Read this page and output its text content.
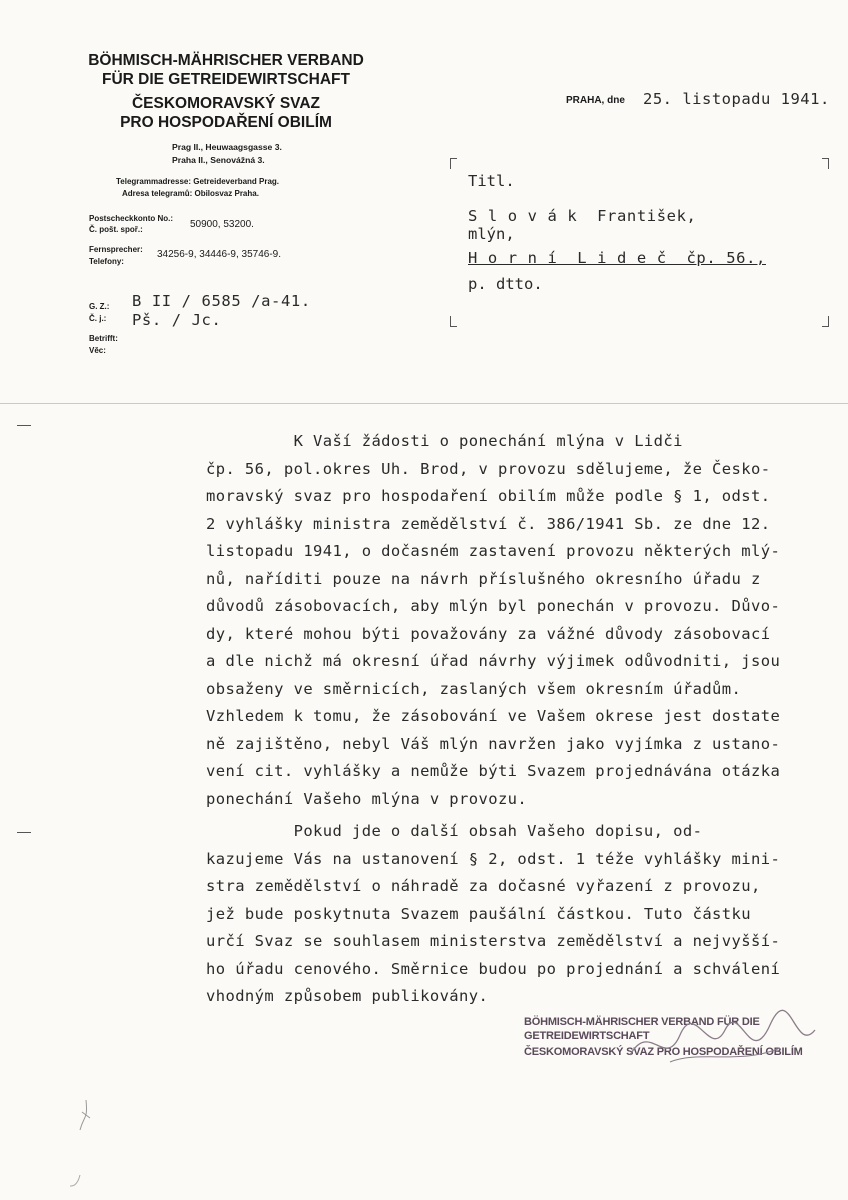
BÖHMISCH-MÄHRISCHER VERBAND
FÜR DIE GETREIDEWIRTSCHAFT
ČESKOMORAVSKÝ SVAZ
PRO HOSPODAŘENÍ OBILÍM
Prag II., Heuwaagsgasse 3.
Praha II., Senovážná 3.
Telegrammadresse: Getreideverband Prag.
Adresa telegramů: Obilosvaz Praha.
Postscheckkonto No.:
Č. pošt. spoř.:	50900, 53200.
Fernsprecher:
Telefony:
34256-9, 34446-9, 35746-9.
G. Z.:
Č. j.:
Betrifft:
Věc:
B II / 6585 /a-41.
Pš. / Jc.
PRAHA, dne 25. listopadu 1941.
Titl.
S l o v á k  František,
mlýn,
H o r n í  L i d e č  čp. 56.,
p. dtto.
K Vaší žádosti o ponechání mlýna v Lidči
čp. 56, pol.okres Uh. Brod, v provozu sdělujeme, že Česko-
moravský svaz pro hospodaření obilím může podle § 1, odst.
2 vyhlášky ministra zemědělství č. 386/1941 Sb. ze dne 12.
listopadu 1941, o dočasném zastavení provozu některých mlý-
nů, naříditi pouze na návrh příslušného okresního úřadu z
důvodů zásobovacích, aby mlýn byl ponechán v provozu. Důvo-
dy, které mohou býti považovány za vážné důvody zásobovací
a dle nichž má okresní úřad návrhy výjimek odůvodniti, jsou
obsaženy ve směrnicích, zaslaných všem okresním úřadům.
Vzhledem k tomu, že zásobování ve Vašem okrese jest dostate
ně zajištěno, nebyl Váš mlýn navržen jako vyjímka z ustano-
vení cit. vyhlášky a nemůže býti Svazem projednávána otázka
ponechání Vašeho mlýna v provozu.
Pokud jde o další obsah Vašeho dopisu, od-
kazujeme Vás na ustanovení § 2, odst. 1 téže vyhlášky mini-
stra zemědělství o náhradě za dočasné vyřazení z provozu,
jež bude poskytnuta Svazem paušální částkou. Tuto částku
určí Svaz se souhlasem ministerstva zemědělství a nejvyšší-
ho úřadu cenového. Směrnice budou po projednání a schválení
vhodným způsobem publikovány.
BÖHMISCH-MÄHRISCHER VERBAND FÜR DIE GETREIDEWIRTSCHAFT
ČESKOMORAVSKÝ SVAZ PRO HOSPODAŘENÍ OBILÍM
